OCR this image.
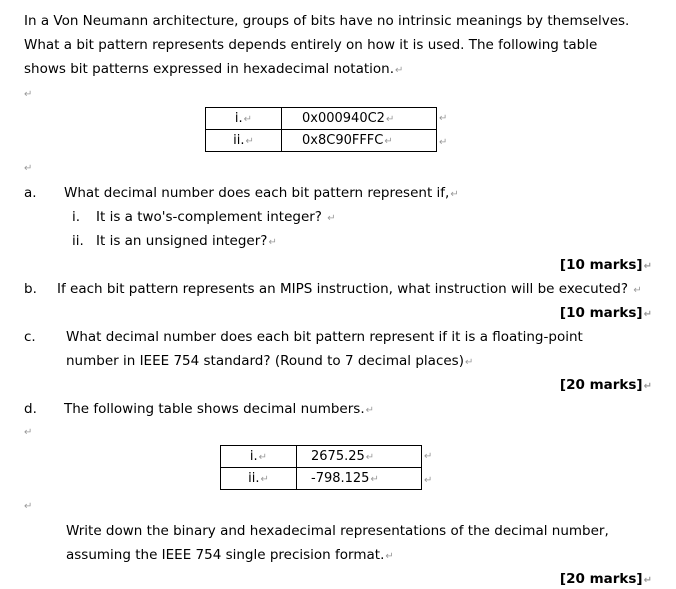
In a Von Neumann architecture, groups of bits have no intrinsic meanings by themselves.
What a bit pattern represents depends entirely on how it is used. The following table
shows bit patterns expressed in hexadecimal notation.↵
↵
i.↵	0x000940C2↵
ii.↵	0x8C90FFFC↵
↵
↵
↵
a. What decimal number does each bit pattern represent if,↵
i. It is a two's-complement integer? ↵
ii. It is an unsigned integer?↵
[10 marks]↵
b. If each bit pattern represents an MIPS instruction, what instruction will be executed? ↵
[10 marks]↵
c. What decimal number does each bit pattern represent if it is a floating-point
number in IEEE 754 standard? (Round to 7 decimal places)↵
[20 marks]↵
d. The following table shows decimal numbers.↵
↵
i.↵	2675.25↵
ii.↵	-798.125↵
↵
↵
↵
Write down the binary and hexadecimal representations of the decimal number,
assuming the IEEE 754 single precision format.↵
[20 marks]↵
